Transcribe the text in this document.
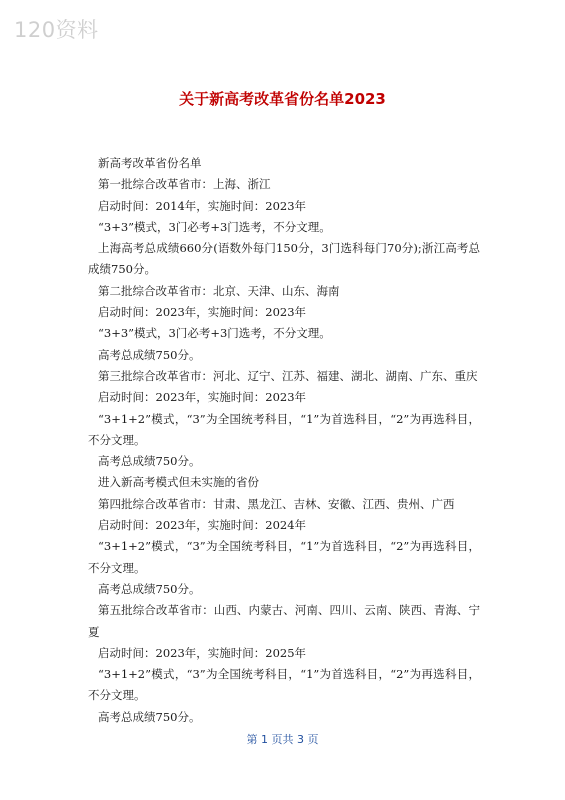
120资料
关于新高考改革省份名单2023

新高考改革省份名单

第一批综合改革省市：上海、浙江

启动时间：2014年，实施时间：2023年

“3+3”模式，3门必考+3门选考，不分文理。

上海高考总成绩660分(语数外每门150分，3门选科每门70分);浙江高考总成绩750分。

第二批综合改革省市：北京、天津、山东、海南

启动时间：2023年，实施时间：2023年

“3+3”模式，3门必考+3门选考，不分文理。

高考总成绩750分。

第三批综合改革省市：河北、辽宁、江苏、福建、湖北、湖南、广东、重庆

启动时间：2023年，实施时间：2023年

“3+1+2”模式，“3”为全国统考科目，“1”为首选科目，“2”为再选科目，不分文理。

高考总成绩750分。

进入新高考模式但未实施的省份

第四批综合改革省市：甘肃、黑龙江、吉林、安徽、江西、贵州、广西

启动时间：2023年，实施时间：2024年

“3+1+2”模式，“3”为全国统考科目，“1”为首选科目，“2”为再选科目，不分文理。

高考总成绩750分。

第五批综合改革省市：山西、内蒙古、河南、四川、云南、陕西、青海、宁夏

启动时间：2023年，实施时间：2025年

“3+1+2”模式，“3”为全国统考科目，“1”为首选科目，“2”为再选科目，不分文理。

高考总成绩750分。

第 1 页共 3 页
